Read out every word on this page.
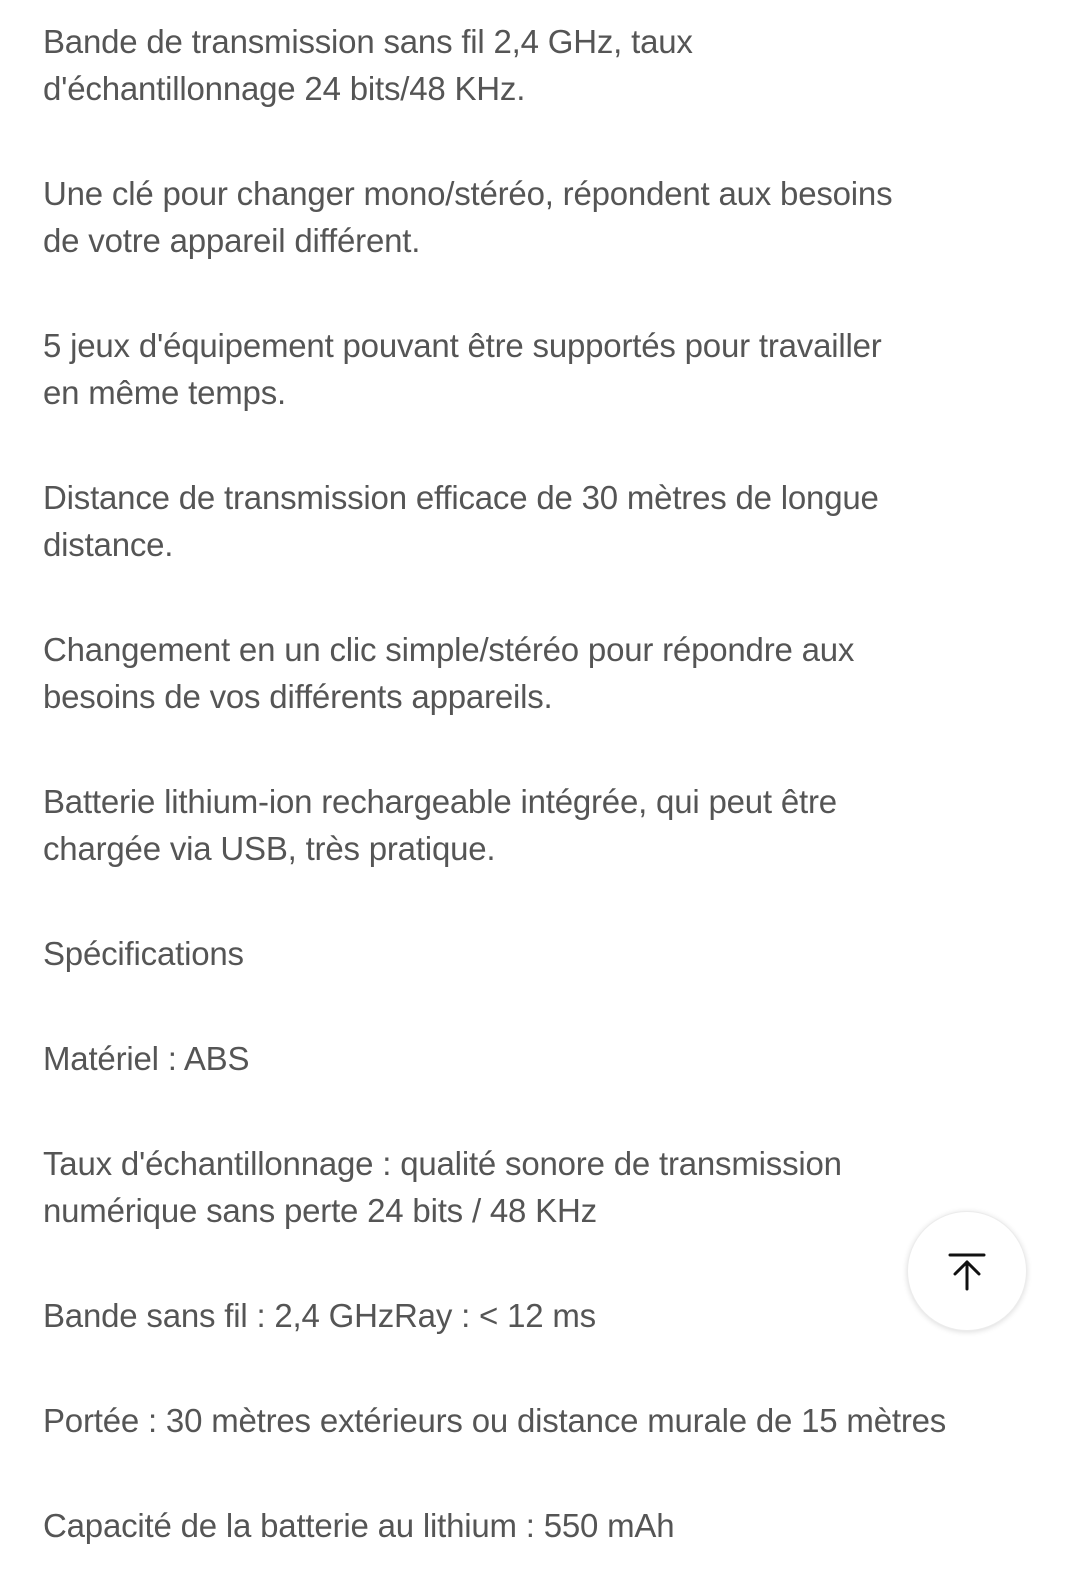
Bande de transmission sans fil 2,4 GHz, taux
d'échantillonnage 24 bits/48 KHz.

Une clé pour changer mono/stéréo, répondent aux besoins
de votre appareil différent.

5 jeux d'équipement pouvant être supportés pour travailler
en même temps.

Distance de transmission efficace de 30 mètres de longue
distance.

Changement en un clic simple/stéréo pour répondre aux
besoins de vos différents appareils.

Batterie lithium-ion rechargeable intégrée, qui peut être
chargée via USB, très pratique.

Spécifications

Matériel : ABS

Taux d'échantillonnage : qualité sonore de transmission
numérique sans perte 24 bits / 48 KHz

Bande sans fil : 2,4 GHzRay : < 12 ms

Portée : 30 mètres extérieurs ou distance murale de 15 mètres

Capacité de la batterie au lithium : 550 mAh
